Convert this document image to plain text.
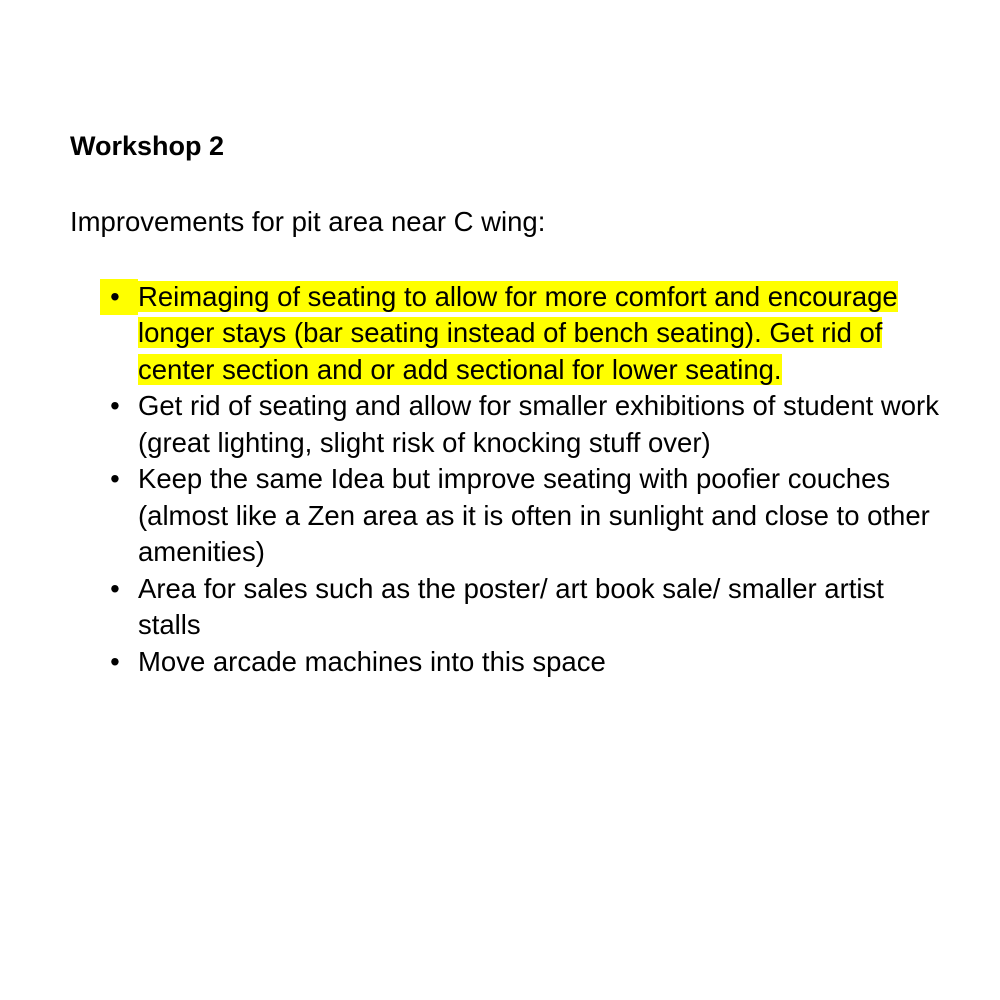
Workshop 2

Improvements for pit area near C wing:

• Reimaging of seating to allow for more comfort and encourage longer stays (bar seating instead of bench seating). Get rid of center section and or add sectional for lower seating.
• Get rid of seating and allow for smaller exhibitions of student work (great lighting, slight risk of knocking stuff over)
• Keep the same Idea but improve seating with poofier couches (almost like a Zen area as it is often in sunlight and close to other amenities)
• Area for sales such as the poster/ art book sale/ smaller artist stalls
• Move arcade machines into this space
